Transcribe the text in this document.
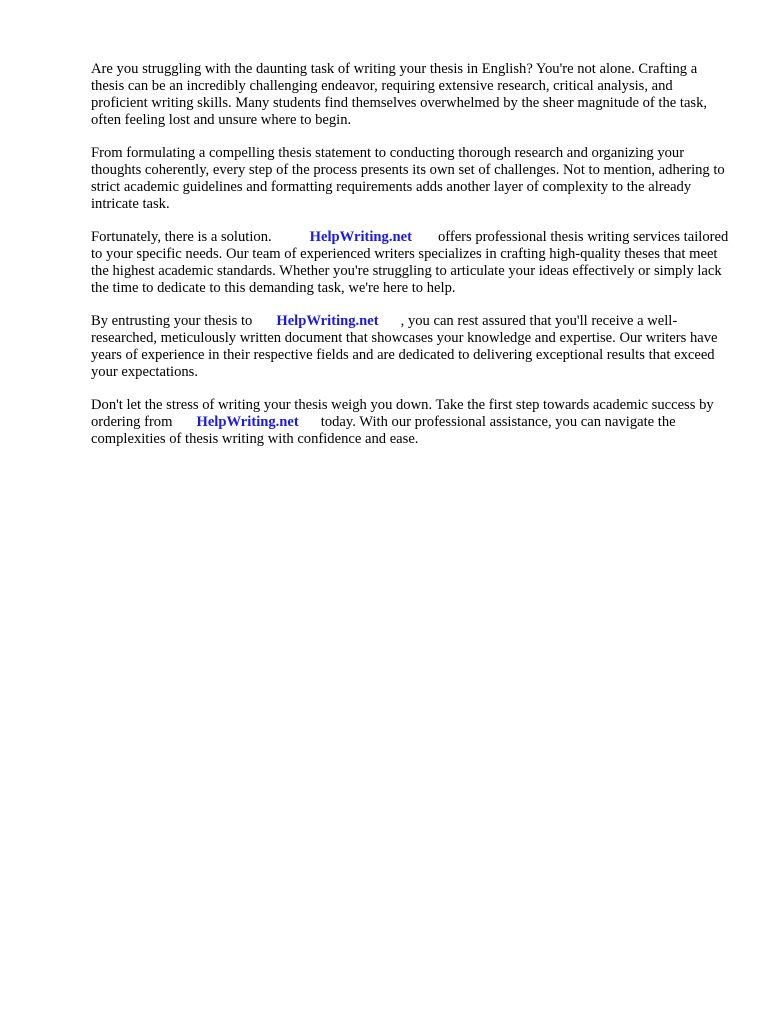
Are you struggling with the daunting task of writing your thesis in English? You're not alone. Crafting a thesis can be an incredibly challenging endeavor, requiring extensive research, critical analysis, and proficient writing skills. Many students find themselves overwhelmed by the sheer magnitude of the task, often feeling lost and unsure where to begin.

From formulating a compelling thesis statement to conducting thorough research and organizing your thoughts coherently, every step of the process presents its own set of challenges. Not to mention, adhering to strict academic guidelines and formatting requirements adds another layer of complexity to the already intricate task.

Fortunately, there is a solution.	HelpWriting.net offers professional thesis writing services tailored to your specific needs. Our team of experienced writers specializes in crafting high-quality theses that meet the highest academic standards. Whether you're struggling to articulate your ideas effectively or simply lack the time to dedicate to this demanding task, we're here to help.

By entrusting your thesis to HelpWriting.net , you can rest assured that you'll receive a well-researched, meticulously written document that showcases your knowledge and expertise. Our writers have years of experience in their respective fields and are dedicated to delivering exceptional results that exceed your expectations.

Don't let the stress of writing your thesis weigh you down. Take the first step towards academic success by ordering from HelpWriting.net today. With our professional assistance, you can navigate the complexities of thesis writing with confidence and ease.
